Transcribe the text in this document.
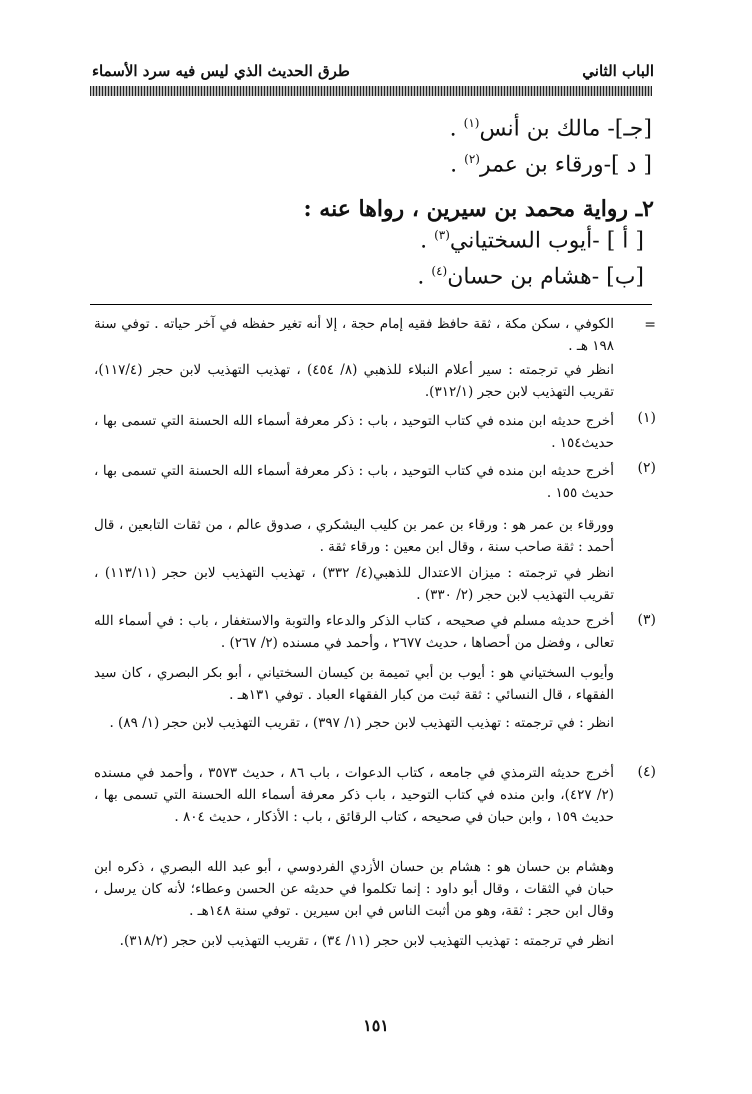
الباب الثاني
طرق الحديث الذي ليس فيه سرد الأسماء
[جـ]- مالك بن أنس$^{(١)}$ .
[ د ]-ورقاء بن عمر$^{(٢)}$ .
٢ـ رواية محمد بن سيرين ، رواها عنه :
[ أ ] -أيوب السختياني$^{(٣)}$ .
[ب] -هشام بن حسان$^{(٤)}$ .
=
الكوفي ، سكن مكة ، ثقة حافظ فقيه إمام حجة ، إلا أنه تغير حفظه في آخر حياته . توفي سنة ١٩٨ هـ .
انظر في ترجمته : سير أعلام النبلاء للذهبي (٨/ ٤٥٤) ، تهذيب التهذيب لابن حجر (١١٧/٤)، تقريب التهذيب لابن حجر (٣١٢/١).
(١)
أخرج حديثه ابن منده في كتاب التوحيد ، باب : ذكر معرفة أسماء الله الحسنة التي تسمى بها ، حديث١٥٤ .
(٢)
أخرج حديثه ابن منده في كتاب التوحيد ، باب : ذكر معرفة أسماء الله الحسنة التي تسمى بها ، حديث ١٥٥ .
وورقاء بن عمر هو : ورقاء بن عمر بن كليب اليشكري ، صدوق عالم ، من ثقات التابعين ، قال أحمد : ثقة صاحب سنة ، وقال ابن معين : ورقاء ثقة .
انظر في ترجمته : ميزان الاعتدال للذهبي(٤/ ٣٣٢) ، تهذيب التهذيب لابن حجر (١١٣/١١) ، تقريب التهذيب لابن حجر (٢/ ٣٣٠) .
(٣)
أخرج حديثه مسلم في صحيحه ، كتاب الذكر والدعاء والتوبة والاستغفار ، باب : في أسماء الله تعالى ، وفضل من أحصاها ، حديث ٢٦٧٧ ، وأحمد في مسنده (٢/ ٢٦٧) .
وأيوب السختياني هو : أيوب بن أبي تميمة بن كيسان السختياني ، أبو بكر البصري ، كان سيد الفقهاء ، قال النسائي : ثقة ثبت من كبار الفقهاء العباد . توفي ١٣١هـ .
انظر : في ترجمته : تهذيب التهذيب لابن حجر (١/ ٣٩٧) ، تقريب التهذيب لابن حجر (١/ ٨٩) .
(٤)
أخرج حديثه الترمذي في جامعه ، كتاب الدعوات ، باب ٨٦ ، حديث ٣٥٧٣ ، وأحمد في مسنده (٢/ ٤٢٧)، وابن منده في كتاب التوحيد ، باب ذكر معرفة أسماء الله الحسنة التي تسمى بها ، حديث ١٥٩ ، وابن حبان في صحيحه ، كتاب الرقائق ، باب : الأذكار ، حديث ٨٠٤ .
وهشام بن حسان هو : هشام بن حسان الأزدي الفردوسي ، أبو عبد الله البصري ، ذكره ابن حبان في الثقات ، وقال أبو داود : إنما تكلموا في حديثه عن الحسن وعطاء؛ لأنه كان يرسل ، وقال ابن حجر : ثقة، وهو من أثبت الناس في ابن سيرين . توفي سنة ١٤٨هـ .
انظر في ترجمته : تهذيب التهذيب لابن حجر (١١/ ٣٤) ، تقريب التهذيب لابن حجر (٣١٨/٢).
١٥١
